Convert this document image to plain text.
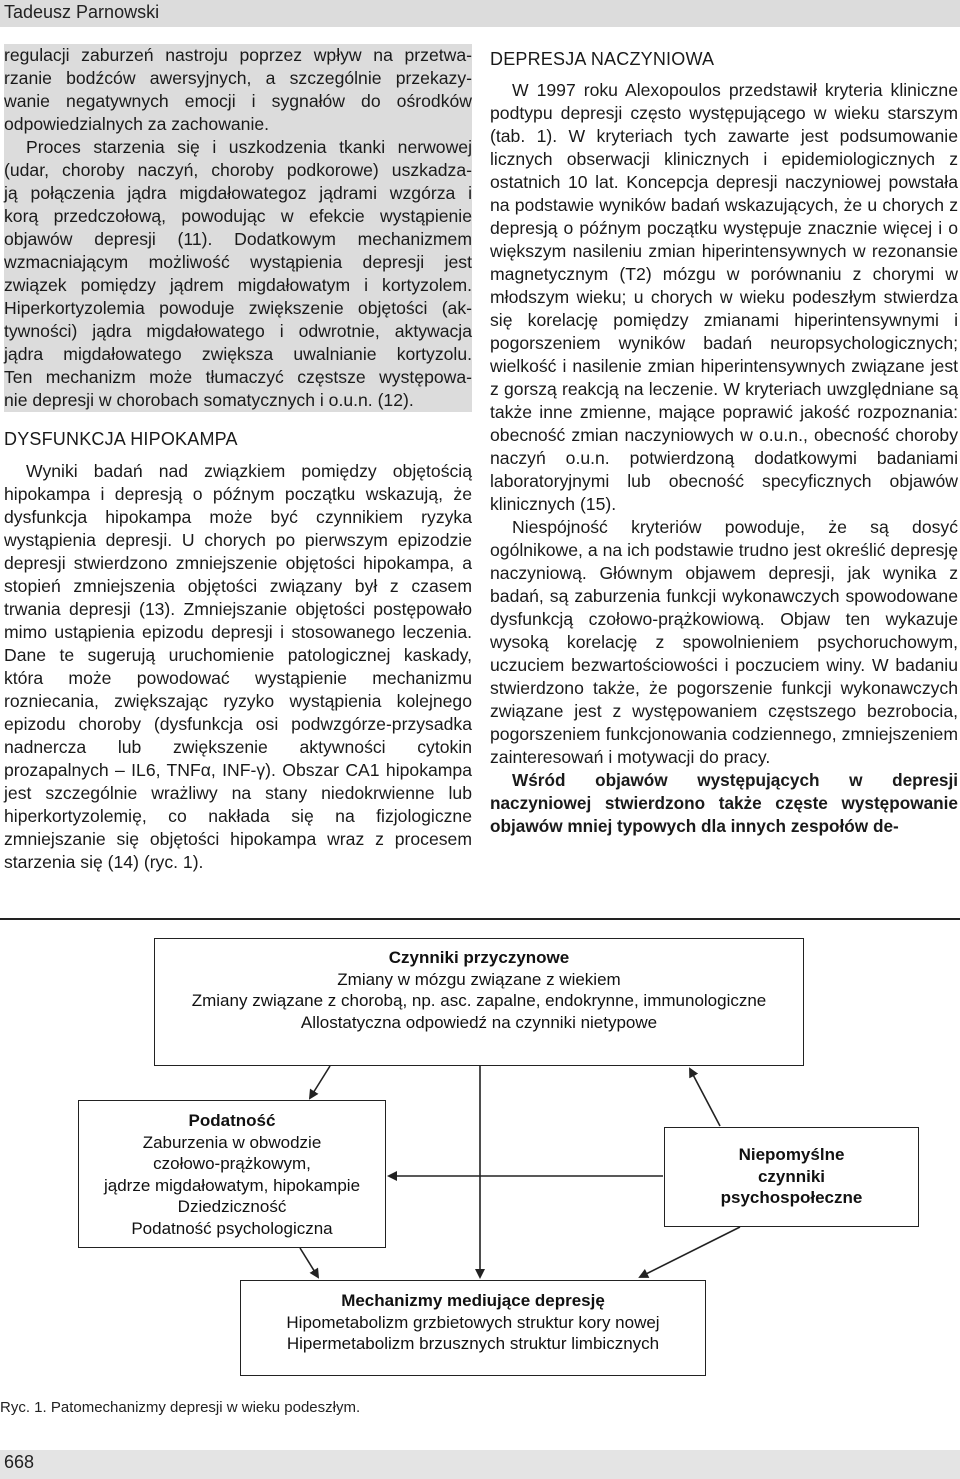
Tadeusz Parnowski

regulacji zaburzeń nastroju poprzez wpływ na przetwa-

rzanie bodźców awersyjnych, a szczególnie przekazy-

wanie negatywnych emocji i sygnałów do ośrodków

odpowiedzialnych za zachowanie.

Proces starzenia się i uszkodzenia tkanki nerwowej

(udar, choroby naczyń, choroby podkorowe) uszkadza-

ją połączenia jądra migdałowategoz jądrami wzgórza i

korą przedczołową, powodując w efekcie wystąpienie

objawów depresji (11). Dodatkowym mechanizmem

wzmacniającym możliwość wystąpienia depresji jest

związek pomiędzy jądrem migdałowatym i kortyzolem.

Hiperkortyzolemia powoduje zwiększenie objętości (ak-

tywności) jądra migdałowatego i odwrotnie, aktywacja

jądra migdałowatego zwiększa uwalnianie kortyzolu.

Ten mechanizm może tłumaczyć częstsze występowa-

nie depresji w chorobach somatycznych i o.u.n. (12).

DYSFUNKCJA HIPOKAMPA

Wyniki badań nad związkiem pomiędzy objętością hipokampa i depresją o późnym początku wskazują, że dysfunkcja hipokampa może być czynnikiem ryzyka wystąpienia depresji. U chorych po pierwszym epizodzie depresji stwierdzono zmniejszenie objętości hipokampa, a stopień zmniejszenia objętości związany był z czasem trwania depresji (13). Zmniejszanie objętości postępowało mimo ustąpienia epizodu depresji i stosowanego leczenia. Dane te sugerują uruchomienie patologicznej kaskady, która może powodować wystąpienie mechanizmu rozniecania, zwiększając ryzyko wystąpienia kolejnego epizodu choroby (dysfunkcja osi podwzgórze-przysadka nadnercza lub zwiększenie aktywności cytokin prozapalnych – IL6, TNFα, INF-γ). Obszar CA1 hipokampa jest szczególnie wrażliwy na stany niedokrwienne lub hiperkortyzolemię, co nakłada się na fizjologiczne zmniejszanie się objętości hipokampa wraz z procesem starzenia się (14) (ryc. 1).

DEPRESJA NACZYNIOWA

W 1997 roku Alexopoulos przedstawił kryteria kliniczne podtypu depresji często występującego w wieku starszym (tab. 1). W kryteriach tych zawarte jest podsumowanie licznych obserwacji klinicznych i epidemiologicznych z ostatnich 10 lat. Koncepcja depresji naczyniowej powstała na podstawie wyników badań wskazujących, że u chorych z depresją o późnym początku występuje znacznie więcej i o większym nasileniu zmian hiperintensywnych w rezonansie magnetycznym (T2) mózgu w porównaniu z chorymi w młodszym wieku; u chorych w wieku podeszłym stwierdza się korelację pomiędzy zmianami hiperintensywnymi i pogorszeniem wyników badań neuropsychologicznych; wielkość i nasilenie zmian hiperintensywnych związane jest z gorszą reakcją na leczenie. W kryteriach uwzględniane są także inne zmienne, mające poprawić jakość rozpoznania: obecność zmian naczyniowych w o.u.n., obecność choroby naczyń o.u.n. potwierdzoną dodatkowymi badaniami laboratoryjnymi lub obecność specyficznych objawów klinicznych (15).

Niespójność kryteriów powoduje, że są dosyć ogólnikowe, a na ich podstawie trudno jest określić depresję naczyniową. Głównym objawem depresji, jak wynika z badań, są zaburzenia funkcji wykonawczych spowodowane dysfunkcją czołowo-prążkowiową. Objaw ten wykazuje wysoką korelację z spowolnieniem psychoruchowym, uczuciem bezwartościowości i poczuciem winy. W badaniu stwierdzono także, że pogorszenie funkcji wykonawczych związane jest z występowaniem częstszego bezrobocia, pogorszeniem funkcjonowania codziennego, zmniejszeniem zainteresowań i motywacji do pracy.

Wśród objawów występujących w depresji naczyniowej stwierdzono także częste występowanie objawów mniej typowych dla innych zespołów de-

Czynniki przyczynowe
Zmiany w mózgu związane z wiekiem
Zmiany związane z chorobą, np. asc. zapalne, endokrynne, immunologiczne
Allostatyczna odpowiedź na czynniki nietypowe
Podatność
Zaburzenia w obwodzie
czołowo-prążkowym,
jądrze migdałowatym, hipokampie
Dziedziczność
Podatność psychologiczna
Niepomyślne
czynniki
psychospołeczne
Mechanizmy mediujące depresję
Hipometabolizm grzbietowych struktur kory nowej
Hipermetabolizm brzusznych struktur limbicznych
Ryc. 1. Patomechanizmy depresji w wieku podeszłym.
668
